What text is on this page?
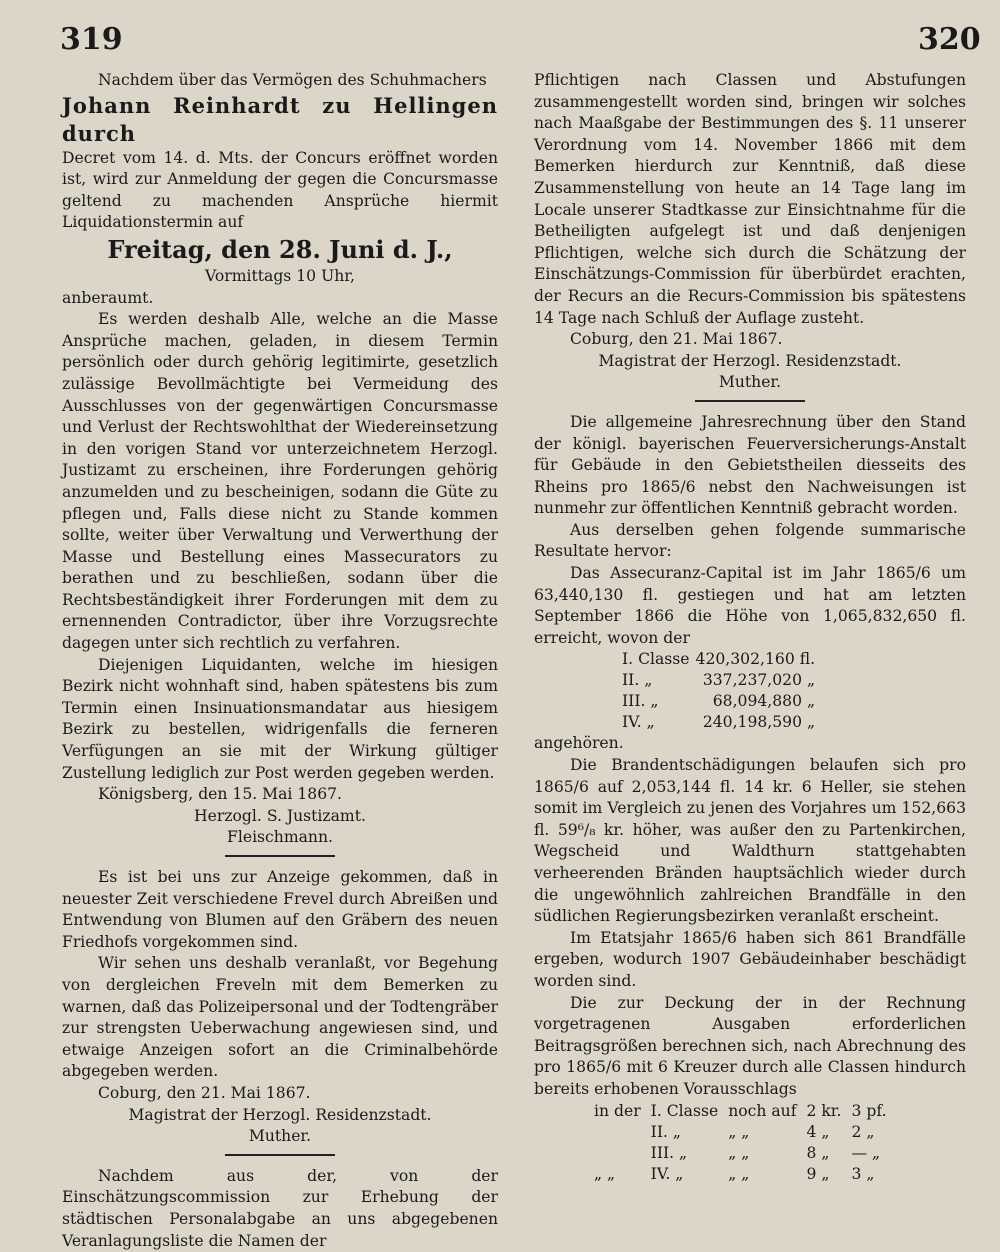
319	320

Nachdem über das Vermögen des Schuhmachers

Johann Reinhardt zu Hellingen durch

Decret vom 14. d. Mts. der Concurs eröffnet worden ist, wird zur Anmeldung der gegen die Concursmasse geltend zu machenden Ansprüche hiermit Liquidationstermin auf

Freitag, den 28. Juni d. J.,

Vormittags 10 Uhr,

anberaumt.

Es werden deshalb Alle, welche an die Masse Ansprüche machen, geladen, in diesem Termin persönlich oder durch gehörig legitimirte, gesetzlich zulässige Bevollmächtigte bei Vermeidung des Ausschlusses von der gegenwärtigen Concursmasse und Verlust der Rechtswohlthat der Wiedereinsetzung in den vorigen Stand vor unterzeichnetem Herzogl. Justizamt zu erscheinen, ihre Forderungen gehörig anzumelden und zu bescheinigen, sodann die Güte zu pflegen und, Falls diese nicht zu Stande kommen sollte, weiter über Verwaltung und Verwerthung der Masse und Bestellung eines Massecurators zu berathen und zu beschließen, sodann über die Rechtsbeständigkeit ihrer Forderungen mit dem zu ernennenden Contradictor, über ihre Vorzugsrechte dagegen unter sich rechtlich zu verfahren.

Diejenigen Liquidanten, welche im hiesigen Bezirk nicht wohnhaft sind, haben spätestens bis zum Termin einen Insinuationsmandatar aus hiesigem Bezirk zu bestellen, widrigenfalls die ferneren Verfügungen an sie mit der Wirkung gültiger Zustellung lediglich zur Post werden gegeben werden.

Königsberg, den 15. Mai 1867.

Herzogl. S. Justizamt.

Fleischmann.

Es ist bei uns zur Anzeige gekommen, daß in neuester Zeit verschiedene Frevel durch Abreißen und Entwendung von Blumen auf den Gräbern des neuen Friedhofs vorgekommen sind.

Wir sehen uns deshalb veranlaßt, vor Begehung von dergleichen Freveln mit dem Bemerken zu warnen, daß das Polizeipersonal und der Todtengräber zur strengsten Ueberwachung angewiesen sind, und etwaige Anzeigen sofort an die Criminalbehörde abgegeben werden.

Coburg, den 21. Mai 1867.

Magistrat der Herzogl. Residenzstadt.

Muther.

Nachdem aus der, von der Einschätzungscommission zur Erhebung der städtischen Personalabgabe an uns abgegebenen Veranlagungsliste die Namen der

Pflichtigen nach Classen und Abstufungen zusammengestellt worden sind, bringen wir solches nach Maaßgabe der Bestimmungen des §. 11 unserer Verordnung vom 14. November 1866 mit dem Bemerken hierdurch zur Kenntniß, daß diese Zusammenstellung von heute an 14 Tage lang im Locale unserer Stadtkasse zur Einsichtnahme für die Betheiligten aufgelegt ist und daß denjenigen Pflichtigen, welche sich durch die Schätzung der Einschätzungs-Commission für überbürdet erachten, der Recurs an die Recurs-Commission bis spätestens 14 Tage nach Schluß der Auflage zusteht.

Coburg, den 21. Mai 1867.

Magistrat der Herzogl. Residenzstadt.

Muther.

Die allgemeine Jahresrechnung über den Stand der königl. bayerischen Feuerversicherungs-Anstalt für Gebäude in den Gebietstheilen diesseits des Rheins pro 1865/6 nebst den Nachweisungen ist nunmehr zur öffentlichen Kenntniß gebracht worden.

Aus derselben gehen folgende summarische Resultate hervor:

Das Assecuranz-Capital ist im Jahr 1865/6 um 63,440,130 fl. gestiegen und hat am letzten September 1866 die Höhe von 1,065,832,650 fl. erreicht, wovon der

I. Classe	420,302,160 fl.
II. „	337,237,020 „
III. „	68,094,880 „
IV. „	240,198,590 „

angehören.

Die Brandentschädigungen belaufen sich pro 1865/6 auf 2,053,144 fl. 14 kr. 6 Heller, sie stehen somit im Vergleich zu jenen des Vorjahres um 152,663 fl. 59⁶/₈ kr. höher, was außer den zu Partenkirchen, Wegscheid und Waldthurn stattgehabten verheerenden Bränden hauptsächlich wieder durch die ungewöhnlich zahlreichen Brandfälle in den südlichen Regierungsbezirken veranlaßt erscheint.

Im Etatsjahr 1865/6 haben sich 861 Brandfälle ergeben, wodurch 1907 Gebäudeinhaber beschädigt worden sind.

Die zur Deckung der in der Rechnung vorgetragenen Ausgaben erforderlichen Beitragsgrößen berechnen sich, nach Abrechnung des pro 1865/6 mit 6 Kreuzer durch alle Classen hindurch bereits erhobenen Vorausschlags

in der	I. Classe	noch auf	2 kr.	3 pf.
	II. „	„ „	4 „	2 „
	III. „	„ „	8 „	— „
„ „	IV. „	„ „	9 „	3 „
